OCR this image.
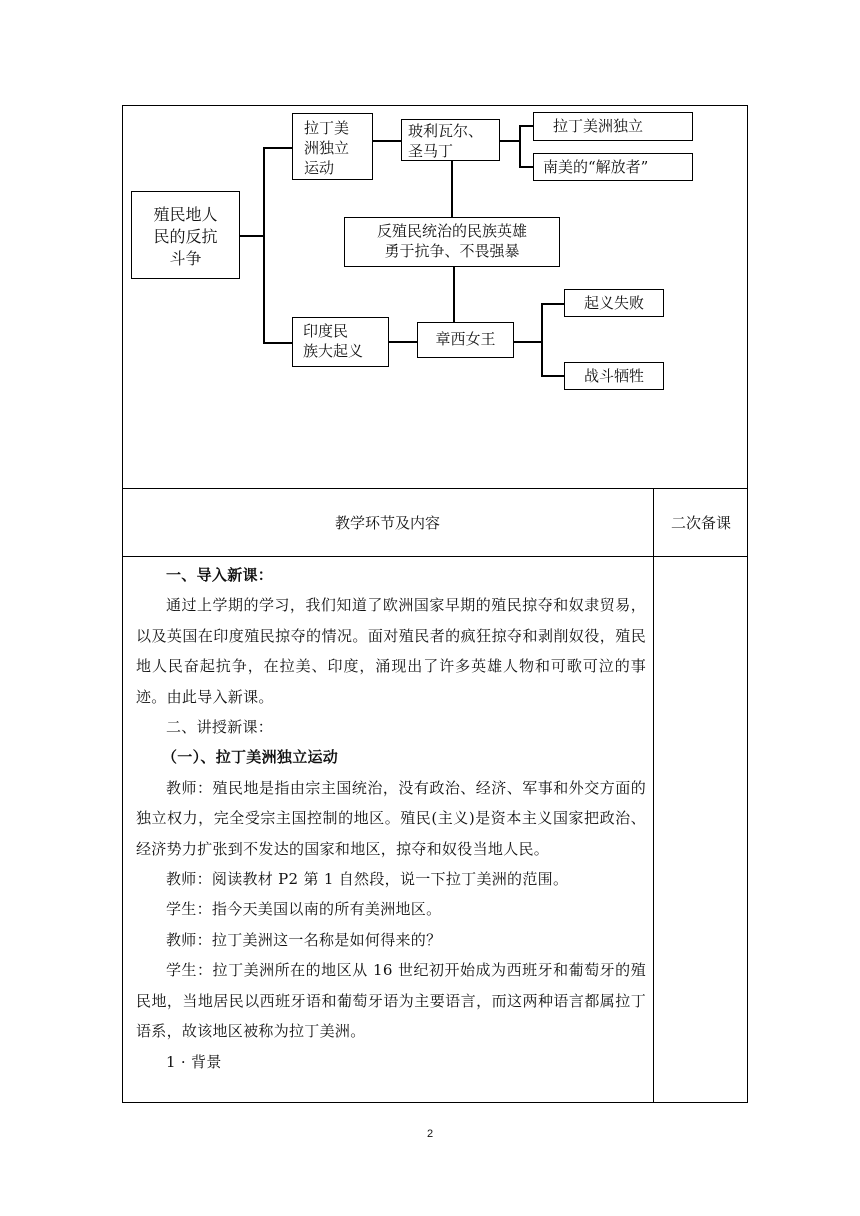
殖民地人
民的反抗
斗争
拉丁美
洲独立
运动
玻利瓦尔、
圣马丁
拉丁美洲独立
南美的“解放者”
反殖民统治的民族英雄
勇于抗争、不畏强暴
印度民
族大起义
章西女王
起义失败
战斗牺牲
教学环节及内容	二次备课

一、导入新课：

通过上学期的学习，我们知道了欧洲国家早期的殖民掠夺和奴隶贸易，以及英国在印度殖民掠夺的情况。面对殖民者的疯狂掠夺和剥削奴役，殖民地人民奋起抗争，在拉美、印度，涌现出了许多英雄人物和可歌可泣的事迹。由此导入新课。

二、讲授新课：

（一）、拉丁美洲独立运动

教师：殖民地是指由宗主国统治，没有政治、经济、军事和外交方面的独立权力，完全受宗主国控制的地区。殖民(主义)是资本主义国家把政治、经济势力扩张到不发达的国家和地区，掠夺和奴役当地人民。

教师：阅读教材 P2 第 1 自然段，说一下拉丁美洲的范围。

学生：指今天美国以南的所有美洲地区。

教师：拉丁美洲这一名称是如何得来的？

学生：拉丁美洲所在的地区从 16 世纪初开始成为西班牙和葡萄牙的殖民地，当地居民以西班牙语和葡萄牙语为主要语言，而这两种语言都属拉丁语系，故该地区被称为拉丁美洲。

1 · 背景

2
